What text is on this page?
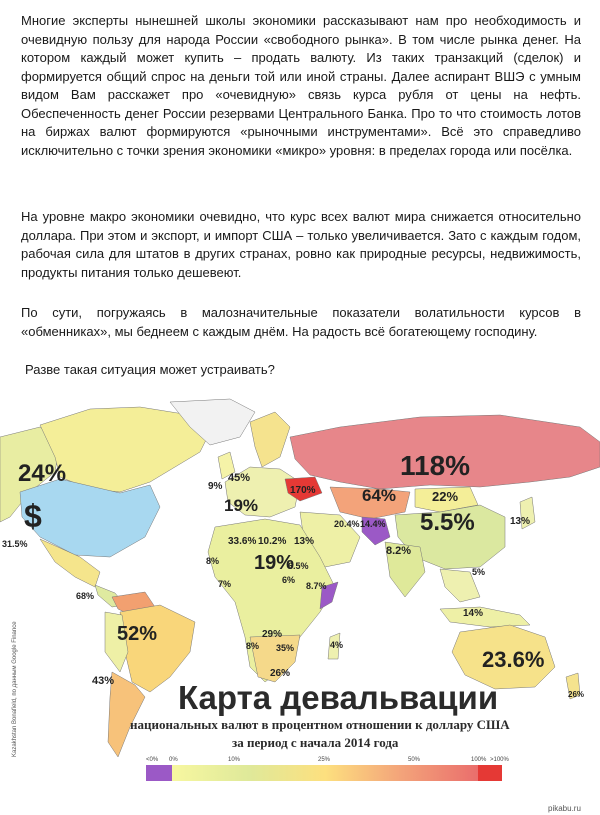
Многие эксперты нынешней школы экономики рассказывают нам про необходимость и очевидную пользу для народа России «свободного рынка». В том числе рынка денег. На котором каждый может купить – продать валюту. Из таких транзакций (сделок) и формируется общий спрос на деньги той или иной страны. Далее аспирант ВШЭ с умным видом Вам расскажет про «очевидную» связь курса рубля от цены на нефть. Обеспеченность денег России резервами Центрального Банка. Про то что стоимость лотов на биржах валют формируются «рыночными инструментами». Всё это справедливо исключительно с точки зрения экономики «микро» уровня: в пределах города или посёлка.

На уровне макро экономики очевидно, что курс всех валют мира снижается относительно доллара. При этом и экспорт, и импорт США – только увеличивается. Зато с каждым годом, рабочая сила для штатов в других странах, ровно как природные ресурсы, недвижимость, продукты питания только дешевеют.

По сути, погружаясь в малозначительные показатели волатильности курсов в «обменниках», мы беднеем с каждым днём. На радость всё богатеющему господину.

Разве такая ситуация может устраивать?

24%
$
31.5%
118%
170%	64%	22%
5.5%	13%
19%
45%
9%
33.6% 10.2% 13%
20.4% 14.4%
8.2%
5%
19%
6.5%
8%
7%	8.7%
6%
29%
8% 35%
26%
4%
52%
68%
43%
14%
23.6%
26%
Карта девальвации
национальных валют в процентном отношении к доллару США
за период с начала 2014 года
<0% 0%	10%	25%	50%	100% >100%
Kazakhstan Bonafield, по данным Google Finance
pikabu.ru
